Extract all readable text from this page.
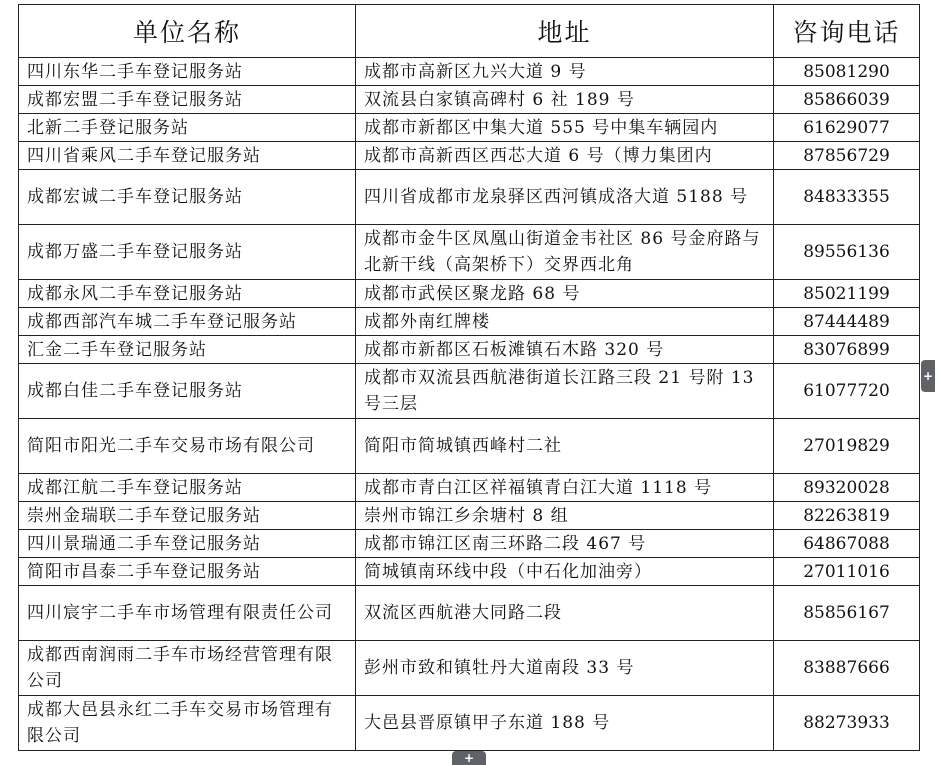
单位名称	地址	咨询电话
四川东华二手车登记服务站	成都市高新区九兴大道 9 号	85081290
成都宏盟二手车登记服务站	双流县白家镇高碑村 6 社 189 号	85866039
北新二手登记服务站	成都市新都区中集大道 555 号中集车辆园内	61629077
四川省乘风二手车登记服务站	成都市高新西区西芯大道 6 号（博力集团内	87856729
成都宏诚二手车登记服务站	四川省成都市龙泉驿区西河镇成洛大道 5188 号	84833355
成都万盛二手车登记服务站	成都市金牛区凤凰山街道金韦社区 86 号金府路与北新干线（高架桥下）交界西北角	89556136
成都永风二手车登记服务站	成都市武侯区聚龙路 68 号	85021199
成都西部汽车城二手车登记服务站	成都外南红牌楼	87444489
汇金二手车登记服务站	成都市新都区石板滩镇石木路 320 号	83076899
成都白佳二手车登记服务站	成都市双流县西航港街道长江路三段 21 号附 13 号三层	61077720
简阳市阳光二手车交易市场有限公司	简阳市简城镇西峰村二社	27019829
成都江航二手车登记服务站	成都市青白江区祥福镇青白江大道 1118 号	89320028
崇州金瑞联二手车登记服务站	崇州市锦江乡余塘村 8 组	82263819
四川景瑞通二手车登记服务站	成都市锦江区南三环路二段 467 号	64867088
简阳市昌泰二手车登记服务站	简城镇南环线中段（中石化加油旁）	27011016
四川宸宇二手车市场管理有限责任公司	双流区西航港大同路二段	85856167
成都西南润雨二手车市场经营管理有限公司	彭州市致和镇牡丹大道南段 33 号	83887666
成都大邑县永红二手车交易市场管理有限公司	大邑县晋原镇甲子东道 188 号	88273933
+
+
